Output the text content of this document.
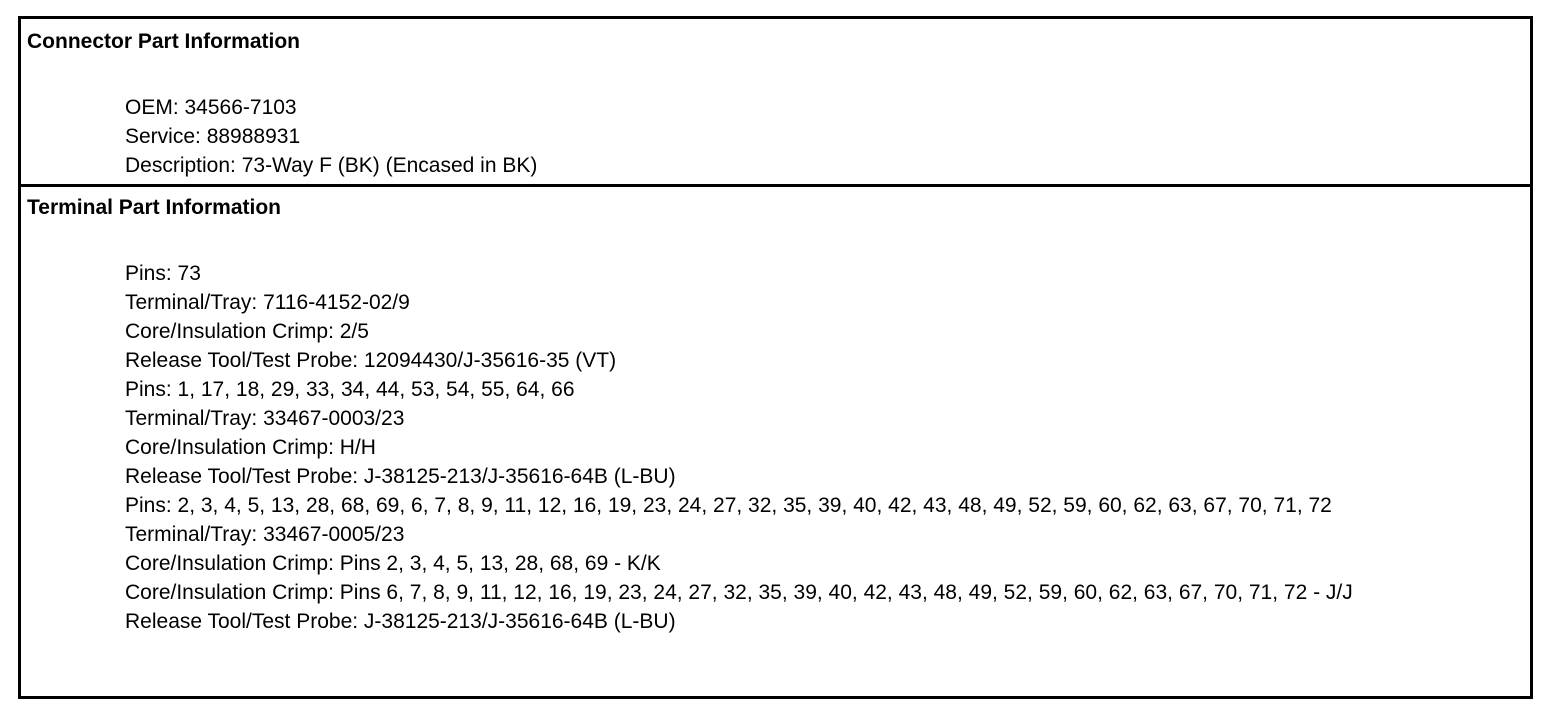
Connector Part Information
OEM: 34566-7103
Service: 88988931
Description: 73-Way F (BK) (Encased in BK)
Terminal Part Information
Pins: 73
Terminal/Tray: 7116-4152-02/9
Core/Insulation Crimp: 2/5
Release Tool/Test Probe: 12094430/J-35616-35 (VT)
Pins: 1, 17, 18, 29, 33, 34, 44, 53, 54, 55, 64, 66
Terminal/Tray: 33467-0003/23
Core/Insulation Crimp: H/H
Release Tool/Test Probe: J-38125-213/J-35616-64B (L-BU)
Pins: 2, 3, 4, 5, 13, 28, 68, 69, 6, 7, 8, 9, 11, 12, 16, 19, 23, 24, 27, 32, 35, 39, 40, 42, 43, 48, 49, 52, 59, 60, 62, 63, 67, 70, 71, 72
Terminal/Tray: 33467-0005/23
Core/Insulation Crimp: Pins 2, 3, 4, 5, 13, 28, 68, 69 - K/K
Core/Insulation Crimp: Pins 6, 7, 8, 9, 11, 12, 16, 19, 23, 24, 27, 32, 35, 39, 40, 42, 43, 48, 49, 52, 59, 60, 62, 63, 67, 70, 71, 72 - J/J
Release Tool/Test Probe: J-38125-213/J-35616-64B (L-BU)
